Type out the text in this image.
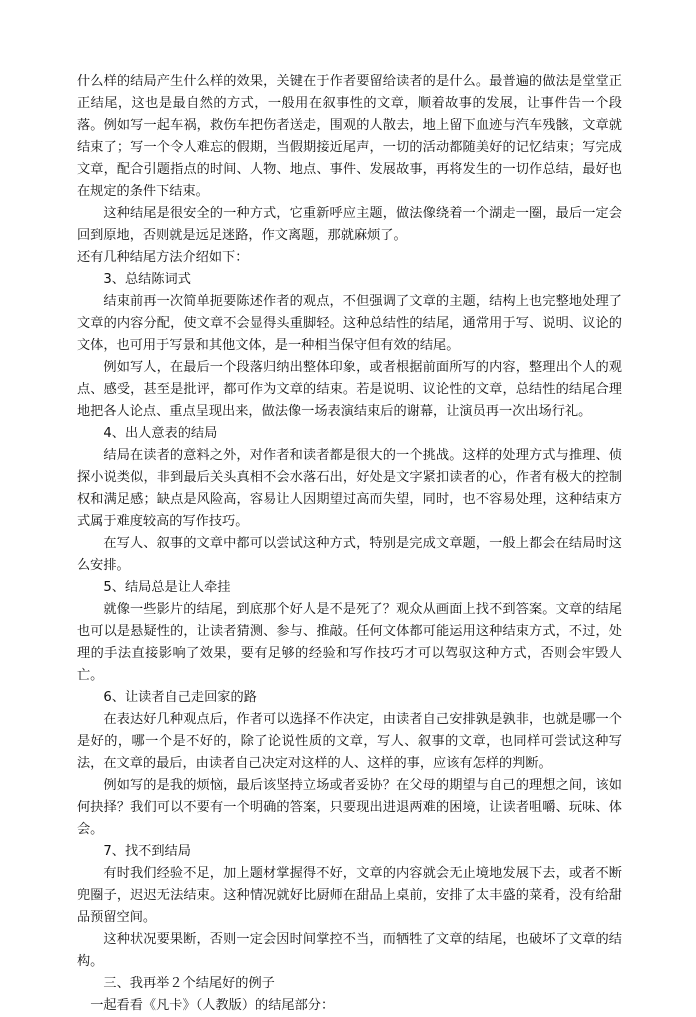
什么样的结局产生什么样的效果，关键在于作者要留给读者的是什么。最普遍的做法是堂堂正正结尾，这也是最自然的方式，一般用在叙事性的文章，顺着故事的发展，让事件告一个段落。例如写一起车祸，救伤车把伤者送走，围观的人散去，地上留下血迹与汽车残骸，文章就结束了；写一个令人难忘的假期，当假期接近尾声，一切的活动都随美好的记忆结束；写完成文章，配合引题指点的时间、人物、地点、事件、发展故事，再将发生的一切作总结，最好也在规定的条件下结束。

这种结尾是很安全的一种方式，它重新呼应主题，做法像绕着一个湖走一圈，最后一定会回到原地，否则就是远足迷路，作文离题，那就麻烦了。

还有几种结尾方法介绍如下：

3、总结陈词式

结束前再一次简单扼要陈述作者的观点，不但强调了文章的主题，结构上也完整地处理了文章的内容分配，使文章不会显得头重脚轻。这种总结性的结尾，通常用于写、说明、议论的文体，也可用于写景和其他文体，是一种相当保守但有效的结尾。

例如写人，在最后一个段落归纳出整体印象，或者根据前面所写的内容，整理出个人的观点、感受，甚至是批评，都可作为文章的结束。若是说明、议论性的文章，总结性的结尾合理地把各人论点、重点呈现出来，做法像一场表演结束后的谢幕，让演员再一次出场行礼。

4、出人意表的结局

结局在读者的意料之外，对作者和读者都是很大的一个挑战。这样的处理方式与推理、侦探小说类似，非到最后关头真相不会水落石出，好处是文字紧扣读者的心，作者有极大的控制权和满足感；缺点是风险高，容易让人因期望过高而失望，同时，也不容易处理，这种结束方式属于难度较高的写作技巧。

在写人、叙事的文章中都可以尝试这种方式，特别是完成文章题，一般上都会在结局时这么安排。

5、结局总是让人牵挂

就像一些影片的结尾，到底那个好人是不是死了？观众从画面上找不到答案。文章的结尾也可以是悬疑性的，让读者猜测、参与、推敲。任何文体都可能运用这种结束方式，不过，处理的手法直接影响了效果，要有足够的经验和写作技巧才可以驾驭这种方式，否则会牢毁人亡。

6、让读者自己走回家的路

在表达好几种观点后，作者可以选择不作决定，由读者自己安排孰是孰非，也就是哪一个是好的，哪一个是不好的，除了论说性质的文章，写人、叙事的文章，也同样可尝试这种写法，在文章的最后，由读者自己决定对这样的人、这样的事，应该有怎样的判断。

例如写的是我的烦恼，最后该坚持立场或者妥协？在父母的期望与自己的理想之间，该如何抉择？我们可以不要有一个明确的答案，只要现出进退两难的困境，让读者咀嚼、玩味、体会。

7、找不到结局

有时我们经验不足，加上题材掌握得不好，文章的内容就会无止境地发展下去，或者不断兜圈子，迟迟无法结束。这种情况就好比厨师在甜品上桌前，安排了太丰盛的菜肴，没有给甜品预留空间。

这种状况要果断，否则一定会因时间掌控不当，而牺牲了文章的结尾，也破坏了文章的结构。

三、我再举２个结尾好的例子

一起看看《凡卡》（人教版）的结尾部分：
